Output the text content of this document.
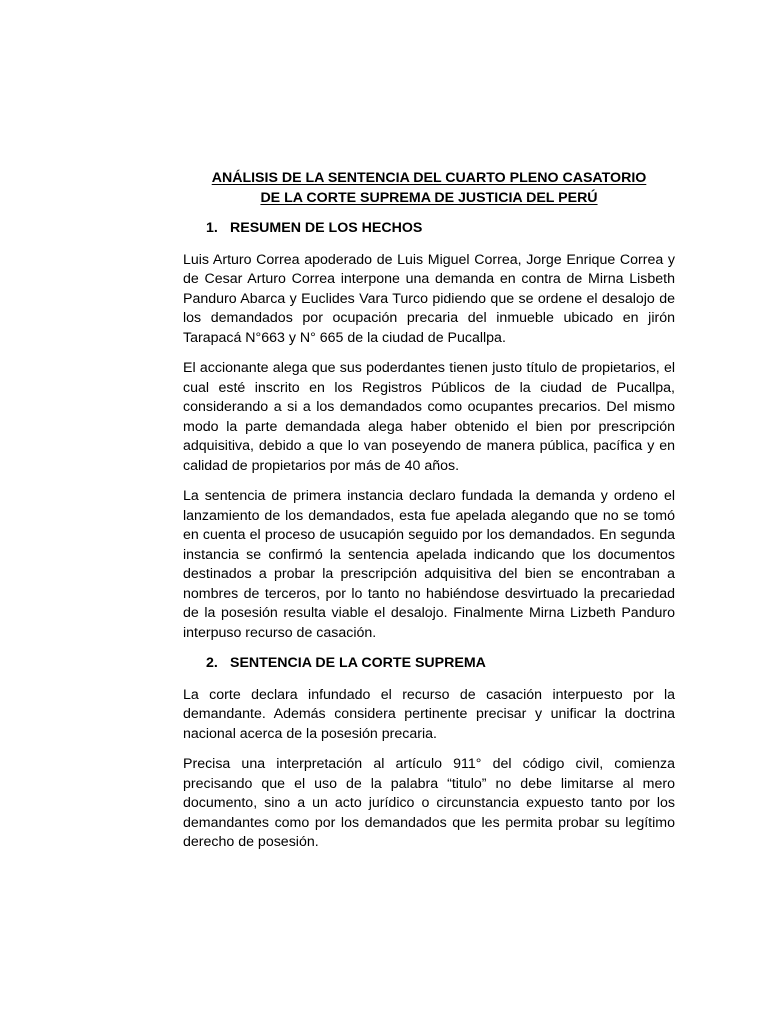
ANÁLISIS DE LA SENTENCIA DEL CUARTO PLENO CASATORIO
DE LA CORTE SUPREMA DE JUSTICIA DEL PERÚ
1. RESUMEN DE LOS HECHOS

Luis Arturo Correa apoderado de Luis Miguel Correa, Jorge Enrique Correa y de Cesar Arturo Correa interpone una demanda en contra de Mirna Lisbeth Panduro Abarca y Euclides Vara Turco pidiendo que se ordene el desalojo de los demandados por ocupación precaria del inmueble ubicado en jirón Tarapacá N°663 y N° 665 de la ciudad de Pucallpa.

El accionante alega que sus poderdantes tienen justo título de propietarios, el cual esté inscrito en los Registros Públicos de la ciudad de Pucallpa, considerando a si a los demandados como ocupantes precarios. Del mismo modo la parte demandada alega haber obtenido el bien por prescripción adquisitiva, debido a que lo van poseyendo de manera pública, pacífica y en calidad de propietarios por más de 40 años.

La sentencia de primera instancia declaro fundada la demanda y ordeno el lanzamiento de los demandados, esta fue apelada alegando que no se tomó en cuenta el proceso de usucapión seguido por los demandados. En segunda instancia se confirmó la sentencia apelada indicando que los documentos destinados a probar la prescripción adquisitiva del bien se encontraban a nombres de terceros, por lo tanto no habiéndose desvirtuado la precariedad de la posesión resulta viable el desalojo. Finalmente Mirna Lizbeth Panduro interpuso recurso de casación.

2. SENTENCIA DE LA CORTE SUPREMA

La corte declara infundado el recurso de casación interpuesto por la demandante. Además considera pertinente precisar y unificar la doctrina nacional acerca de la posesión precaria.

Precisa una interpretación al artículo 911° del código civil, comienza precisando que el uso de la palabra “titulo” no debe limitarse al mero documento, sino a un acto jurídico o circunstancia expuesto tanto por los demandantes como por los demandados que les permita probar su legítimo derecho de posesión.
